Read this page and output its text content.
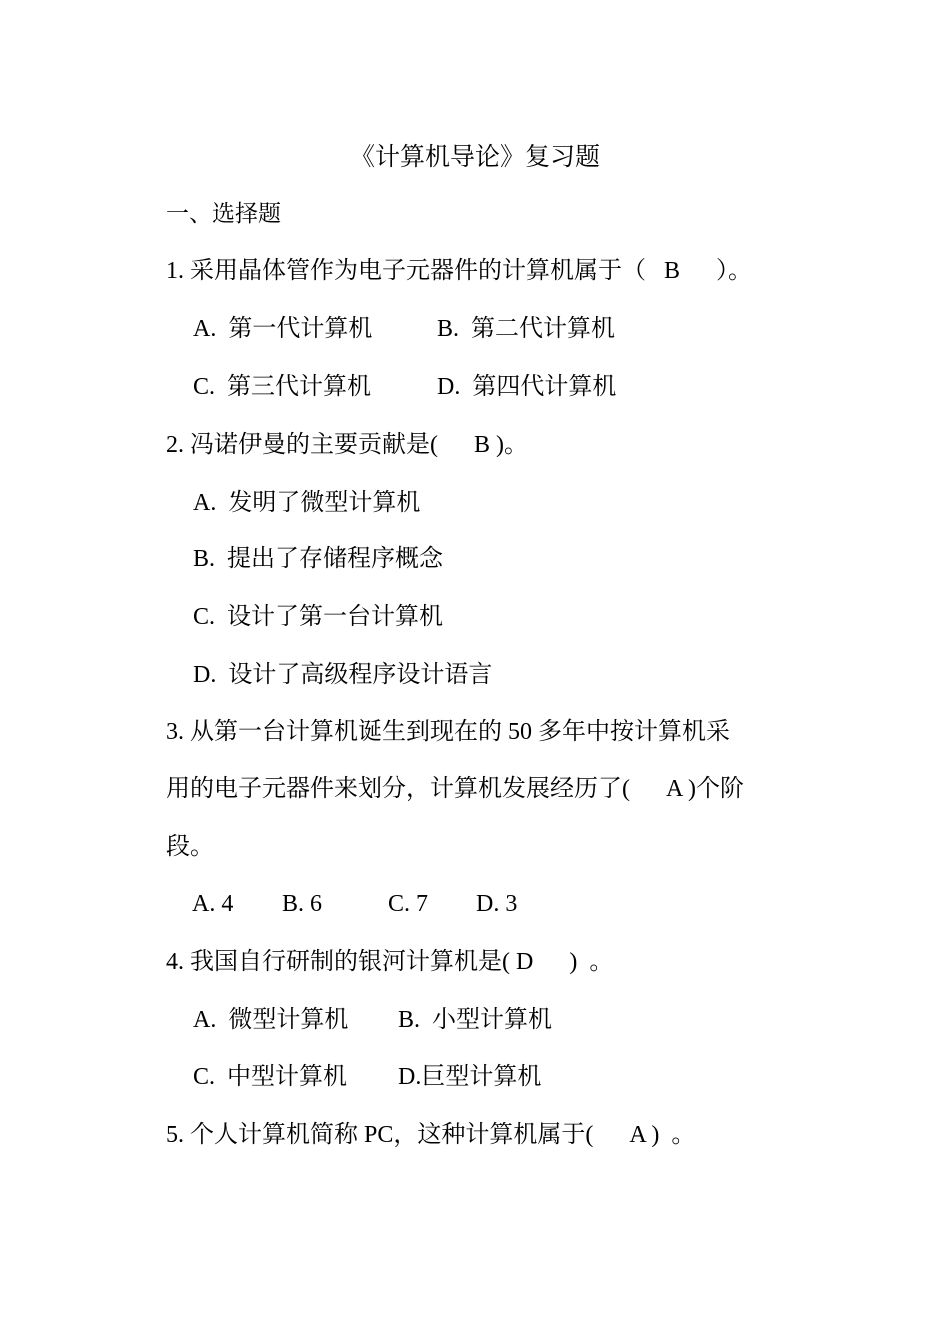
《计算机导论》复习题
一、选择题
1. 采用晶体管作为电子元器件的计算机属于（   B      ）。
A.  第一代计算机	B.  第二代计算机
C.  第三代计算机	D.  第四代计算机
2. 冯诺伊曼的主要贡献是(      B )。
A.  发明了微型计算机
B.  提出了存储程序概念
C.  设计了第一台计算机
D.  设计了高级程序设计语言
3. 从第一台计算机诞生到现在的 50 多年中按计算机采
用的电子元器件来划分，计算机发展经历了(      A )个阶
段。
A. 4 B. 6	C. 7 D. 3
4. 我国自行研制的银河计算机是( D      )  。
A.  微型计算机 B.  小型计算机
C.  中型计算机 D.巨型计算机
5. 个人计算机简称 PC，这种计算机属于(      A )  。
